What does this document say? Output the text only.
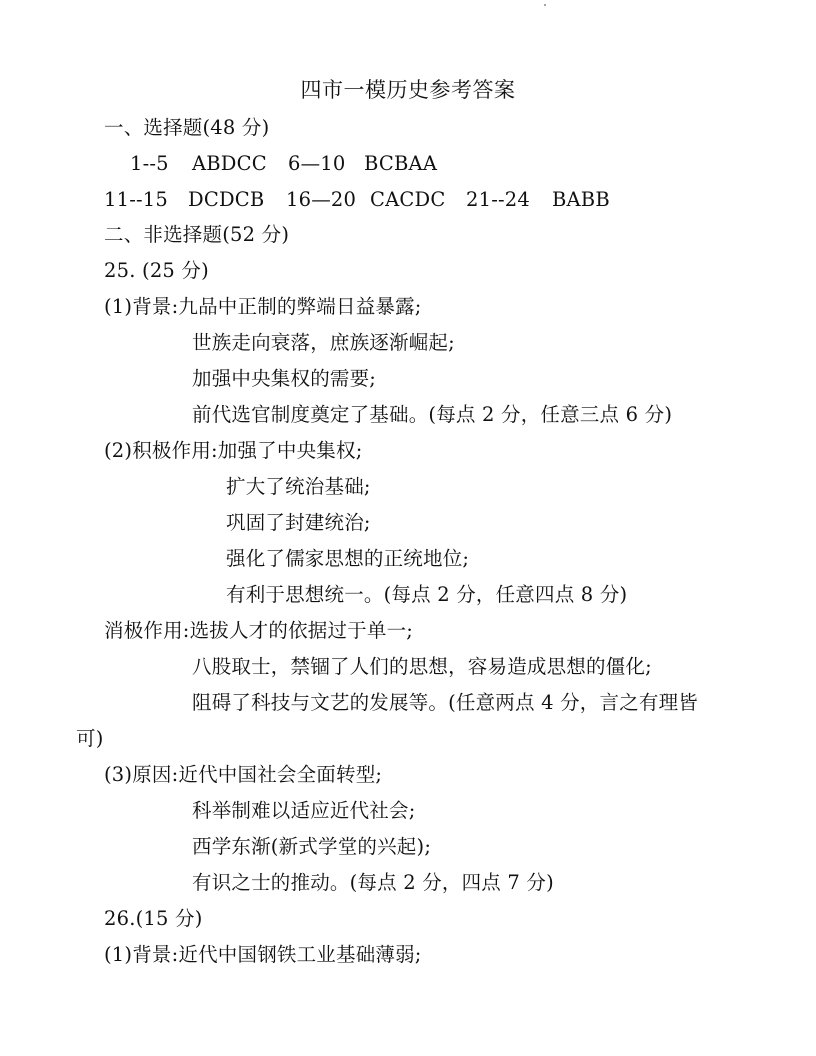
四市一模历史参考答案
一、选择题(48 分)
1--5 ABDCC 6—10 BCBAA
11--15 DCDCB 16—20 CACDC 21--24 BABB
二、非选择题(52 分)
25. (25 分)
(1)背景:九品中正制的弊端日益暴露;
世族走向衰落，庶族逐渐崛起;
加强中央集权的需要;
前代选官制度奠定了基础。(每点 2 分，任意三点 6 分)
(2)积极作用:加强了中央集权;
扩大了统治基础;
巩固了封建统治;
强化了儒家思想的正统地位;
有利于思想统一。(每点 2 分，任意四点 8 分)
消极作用:选拔人才的依据过于单一;
八股取士，禁锢了人们的思想，容易造成思想的僵化;
阻碍了科技与文艺的发展等。(任意两点 4 分，言之有理皆
可)
(3)原因:近代中国社会全面转型;
科举制难以适应近代社会;
西学东渐(新式学堂的兴起);
有识之士的推动。(每点 2 分，四点 7 分)
26.(15 分)
(1)背景:近代中国钢铁工业基础薄弱;
